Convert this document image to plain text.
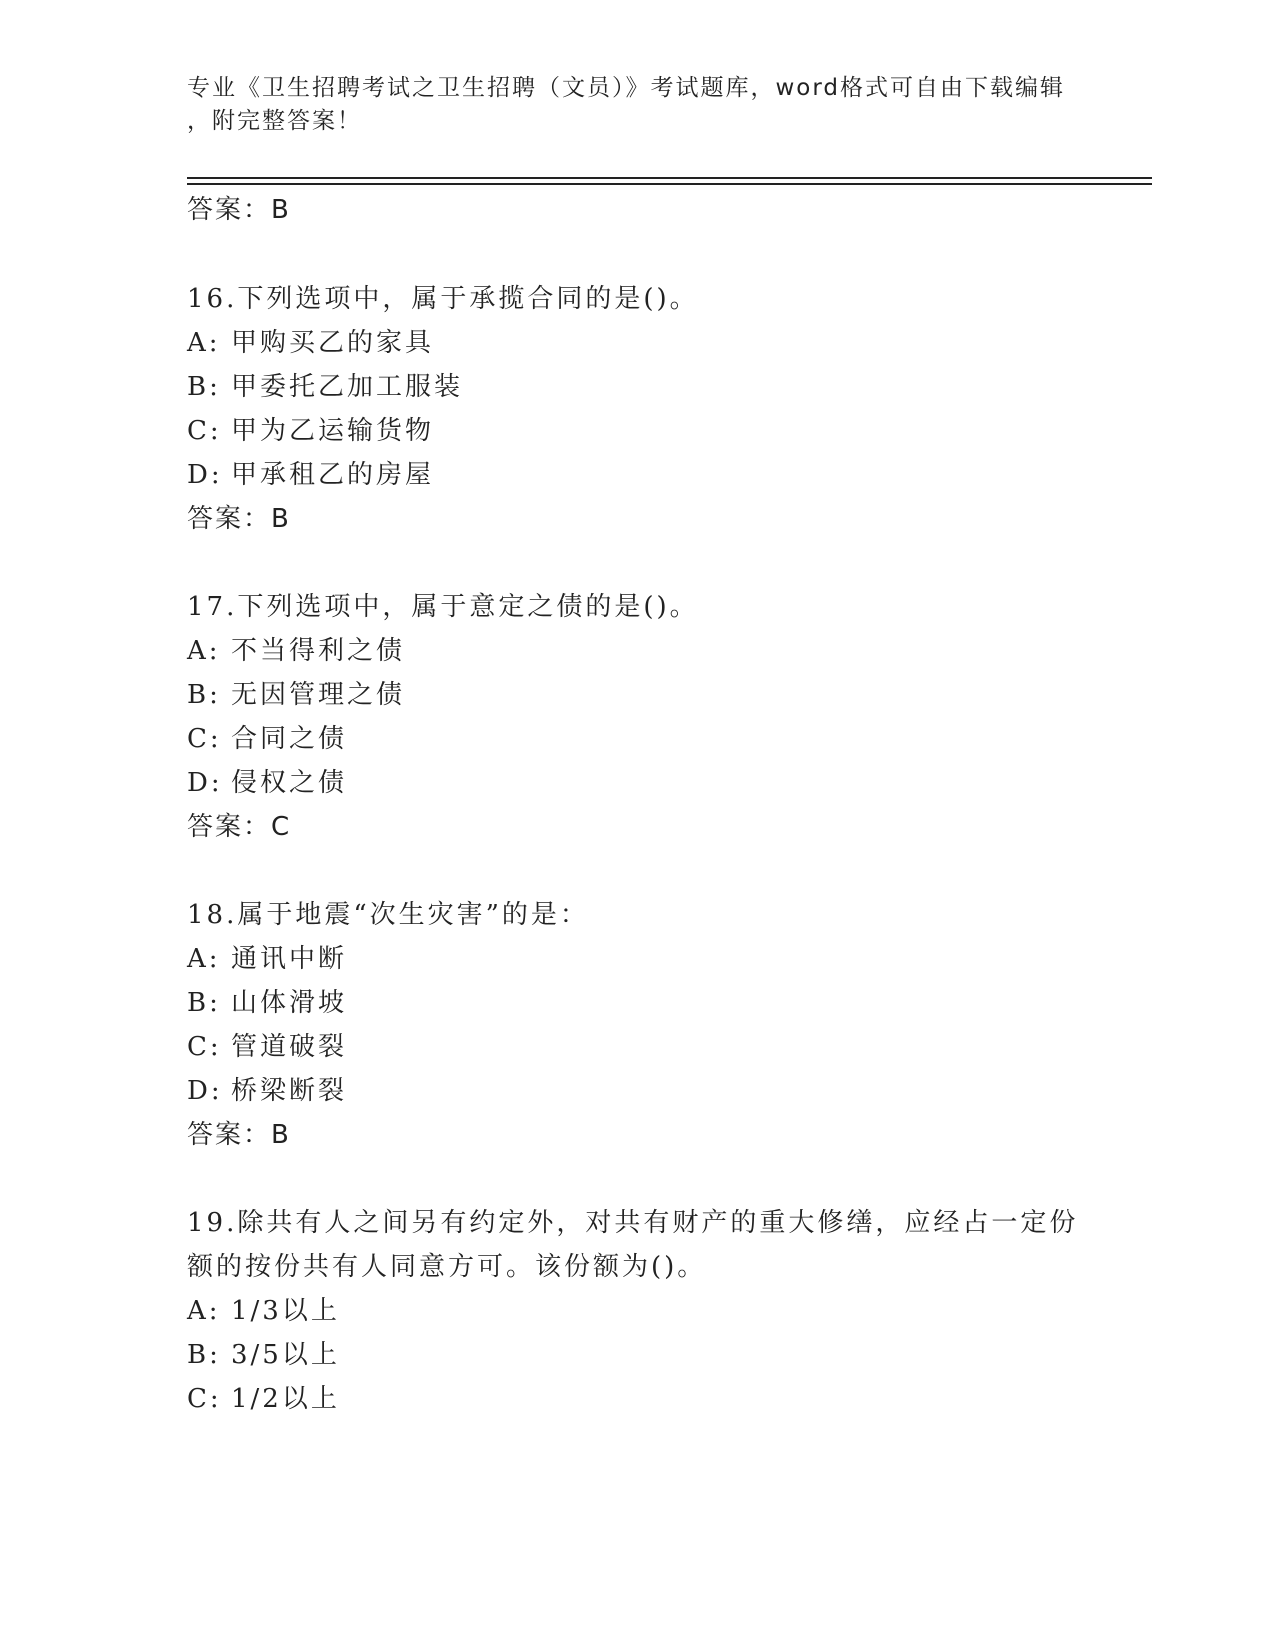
专业《卫生招聘考试之卫生招聘（文员）》考试题库，word格式可自由下载编辑
，附完整答案！
答案：B
16.下列选项中，属于承揽合同的是()。
A: 甲购买乙的家具
B: 甲委托乙加工服装
C: 甲为乙运输货物
D: 甲承租乙的房屋
答案：B
17.下列选项中，属于意定之债的是()。
A: 不当得利之债
B: 无因管理之债
C: 合同之债
D: 侵权之债
答案：C
18.属于地震“次生灾害”的是：
A: 通讯中断
B: 山体滑坡
C: 管道破裂
D: 桥梁断裂
答案：B
19.除共有人之间另有约定外，对共有财产的重大修缮，应经占一定份
额的按份共有人同意方可。该份额为()。
A: 1/3以上
B: 3/5以上
C: 1/2以上
